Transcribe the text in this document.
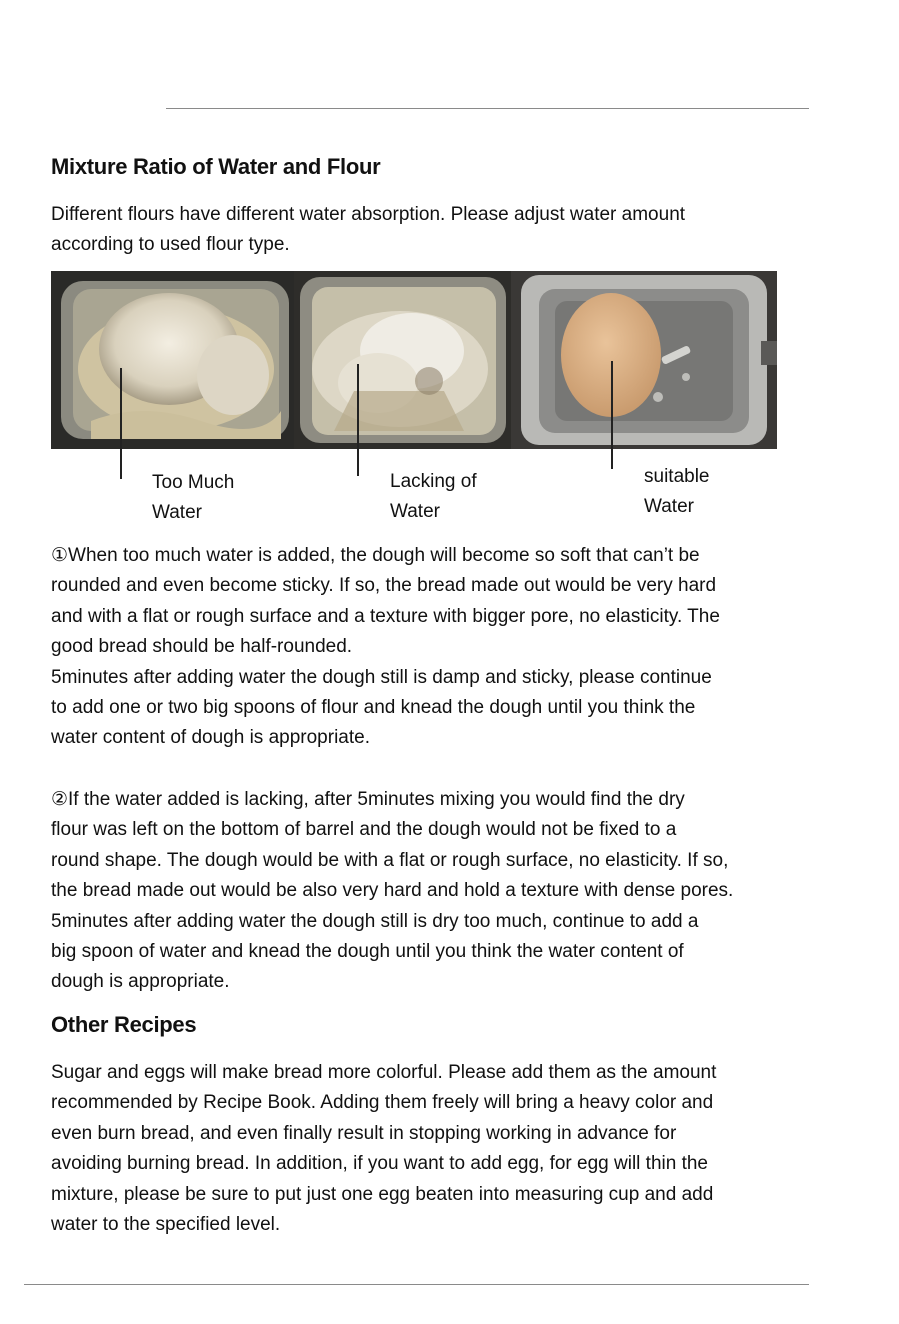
Mixture Ratio of Water and Flour

Different flours have different water absorption. Please adjust water amount
according to used flour type.

Too Much
Water
Lacking of
Water
suitable
Water

①When too much water is added, the dough will become so soft that can’t be
rounded and even become sticky. If so, the bread made out would be very hard
and with a flat or rough surface and a texture with bigger pore, no elasticity. The
good bread should be half-rounded.
5minutes after adding water the dough still is damp and sticky, please continue
to add one or two big spoons of flour and knead the dough until you think the
water content of dough is appropriate.

②If the water added is lacking, after 5minutes mixing you would find the dry
flour was left on the bottom of barrel and the dough would not be fixed to a
round shape. The dough would be with a flat or rough surface, no elasticity. If so,
the bread made out would be also very hard and hold a texture with dense pores.
5minutes after adding water the dough still is dry too much, continue to add a
big spoon of water and knead the dough until you think the water content of
dough is appropriate.

Other Recipes

Sugar and eggs will make bread more colorful. Please add them as the amount
recommended by Recipe Book. Adding them freely will bring a heavy color and
even burn bread, and even finally result in stopping working in advance for
avoiding burning bread. In addition, if you want to add egg, for egg will thin the
mixture, please be sure to put just one egg beaten into measuring cup and add
water to the specified level.
